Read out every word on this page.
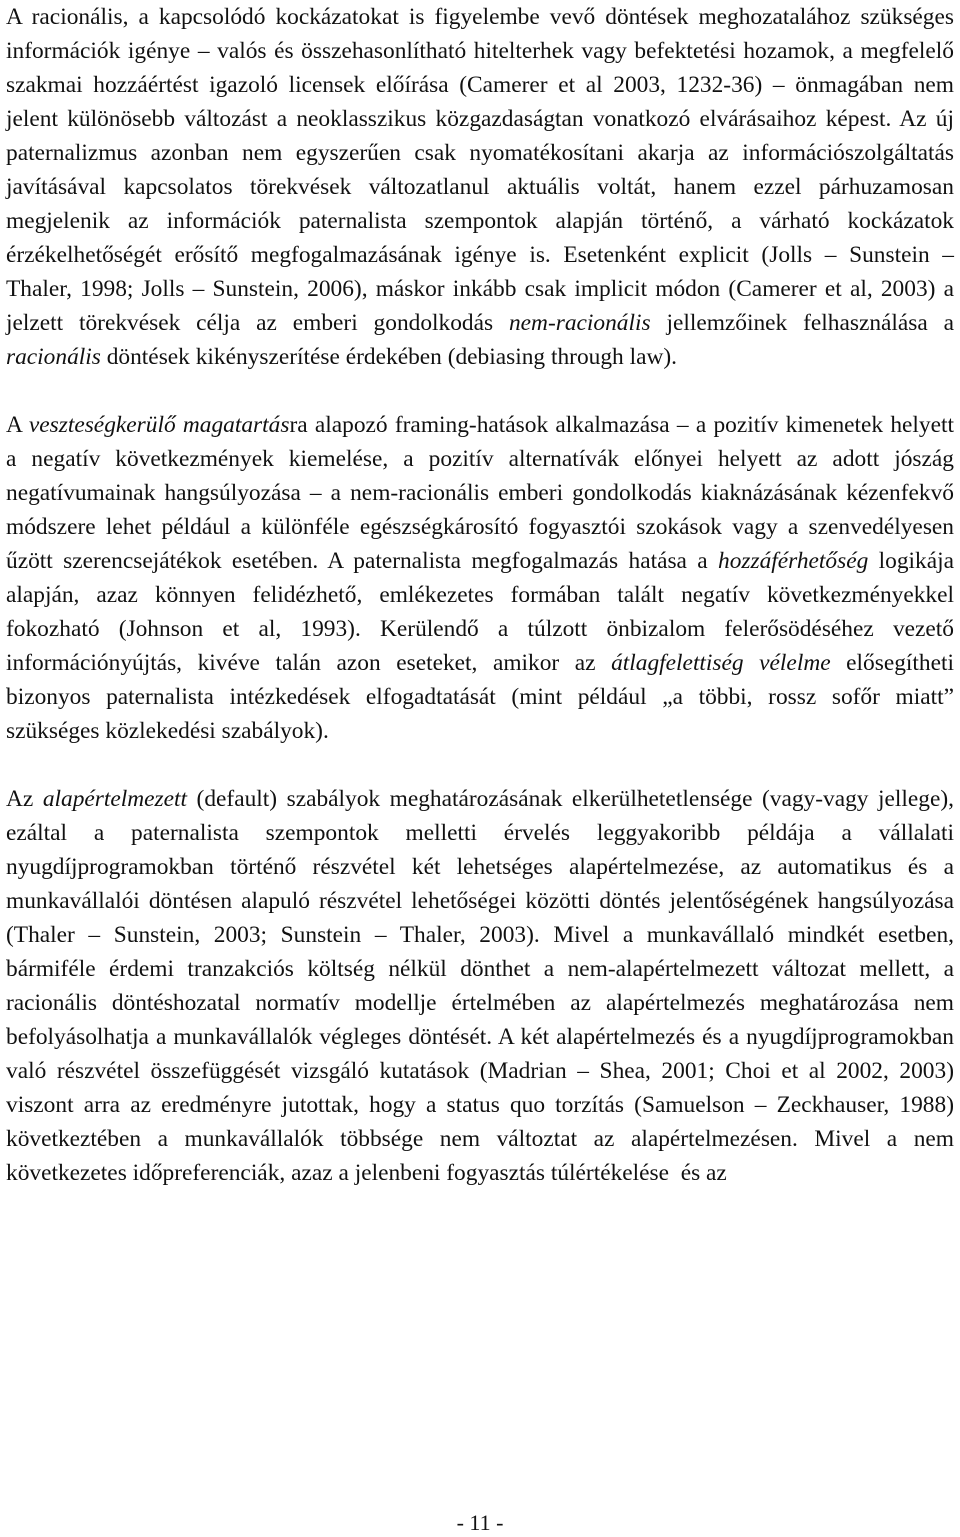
A racionális, a kapcsolódó kockázatokat is figyelembe vevő döntések meghozatalához szükséges információk igénye – valós és összehasonlítható hitelterhek vagy befektetési hozamok, a megfelelő szakmai hozzáértést igazoló licensek előírása (Camerer et al 2003, 1232-36) – önmagában nem jelent különösebb változást a neoklasszikus közgazdaságtan vonatkozó elvárásaihoz képest. Az új paternalizmus azonban nem egyszerűen csak nyomatékosítani akarja az információszolgáltatás javításával kapcsolatos törekvések változatlanul aktuális voltát, hanem ezzel párhuzamosan megjelenik az információk paternalista szempontok alapján történő, a várható kockázatok érzékelhetőségét erősítő megfogalmazásának igénye is. Esetenként explicit (Jolls – Sunstein – Thaler, 1998; Jolls – Sunstein, 2006), máskor inkább csak implicit módon (Camerer et al, 2003) a jelzett törekvések célja az emberi gondolkodás nem-racionális jellemzőinek felhasználása a racionális döntések kikényszerítése érdekében (debiasing through law).

A veszteségkerülő magatartásra alapozó framing-hatások alkalmazása – a pozitív kimenetek helyett a negatív következmények kiemelése, a pozitív alternatívák előnyei helyett az adott jószág negatívumainak hangsúlyozása – a nem-racionális emberi gondolkodás kiaknázásának kézenfekvő módszere lehet például a különféle egészségkárosító fogyasztói szokások vagy a szenvedélyesen űzött szerencsejátékok esetében. A paternalista megfogalmazás hatása a hozzáférhetőség logikája alapján, azaz könnyen felidézhető, emlékezetes formában talált negatív következményekkel fokozható (Johnson et al, 1993). Kerülendő a túlzott önbizalom felerősödéséhez vezető információnyújtás, kivéve talán azon eseteket, amikor az átlagfelettiség vélelme elősegítheti bizonyos paternalista intézkedések elfogadtatását (mint például „a többi, rossz sofőr miatt” szükséges közlekedési szabályok).

Az alapértelmezett (default) szabályok meghatározásának elkerülhetetlensége (vagy-vagy jellege), ezáltal a paternalista szempontok melletti érvelés leggyakoribb példája a vállalati nyugdíjprogramokban történő részvétel két lehetséges alapértelmezése, az automatikus és a munkavállalói döntésen alapuló részvétel lehetőségei közötti döntés jelentőségének hangsúlyozása (Thaler – Sunstein, 2003; Sunstein – Thaler, 2003). Mivel a munkavállaló mindkét esetben, bármiféle érdemi tranzakciós költség nélkül dönthet a nem-alapértelmezett változat mellett, a racionális döntéshozatal normatív modellje értelmében az alapértelmezés meghatározása nem befolyásolhatja a munkavállalók végleges döntését. A két alapértelmezés és a nyugdíjprogramokban való részvétel összefüggését vizsgáló kutatások (Madrian – Shea, 2001; Choi et al 2002, 2003) viszont arra az eredményre jutottak, hogy a status quo torzítás (Samuelson – Zeckhauser, 1988) következtében a munkavállalók többsége nem változtat az alapértelmezésen. Mivel a nem következetes időpreferenciák, azaz a jelenbeni fogyasztás túlértékelése  és az

- 11 -
